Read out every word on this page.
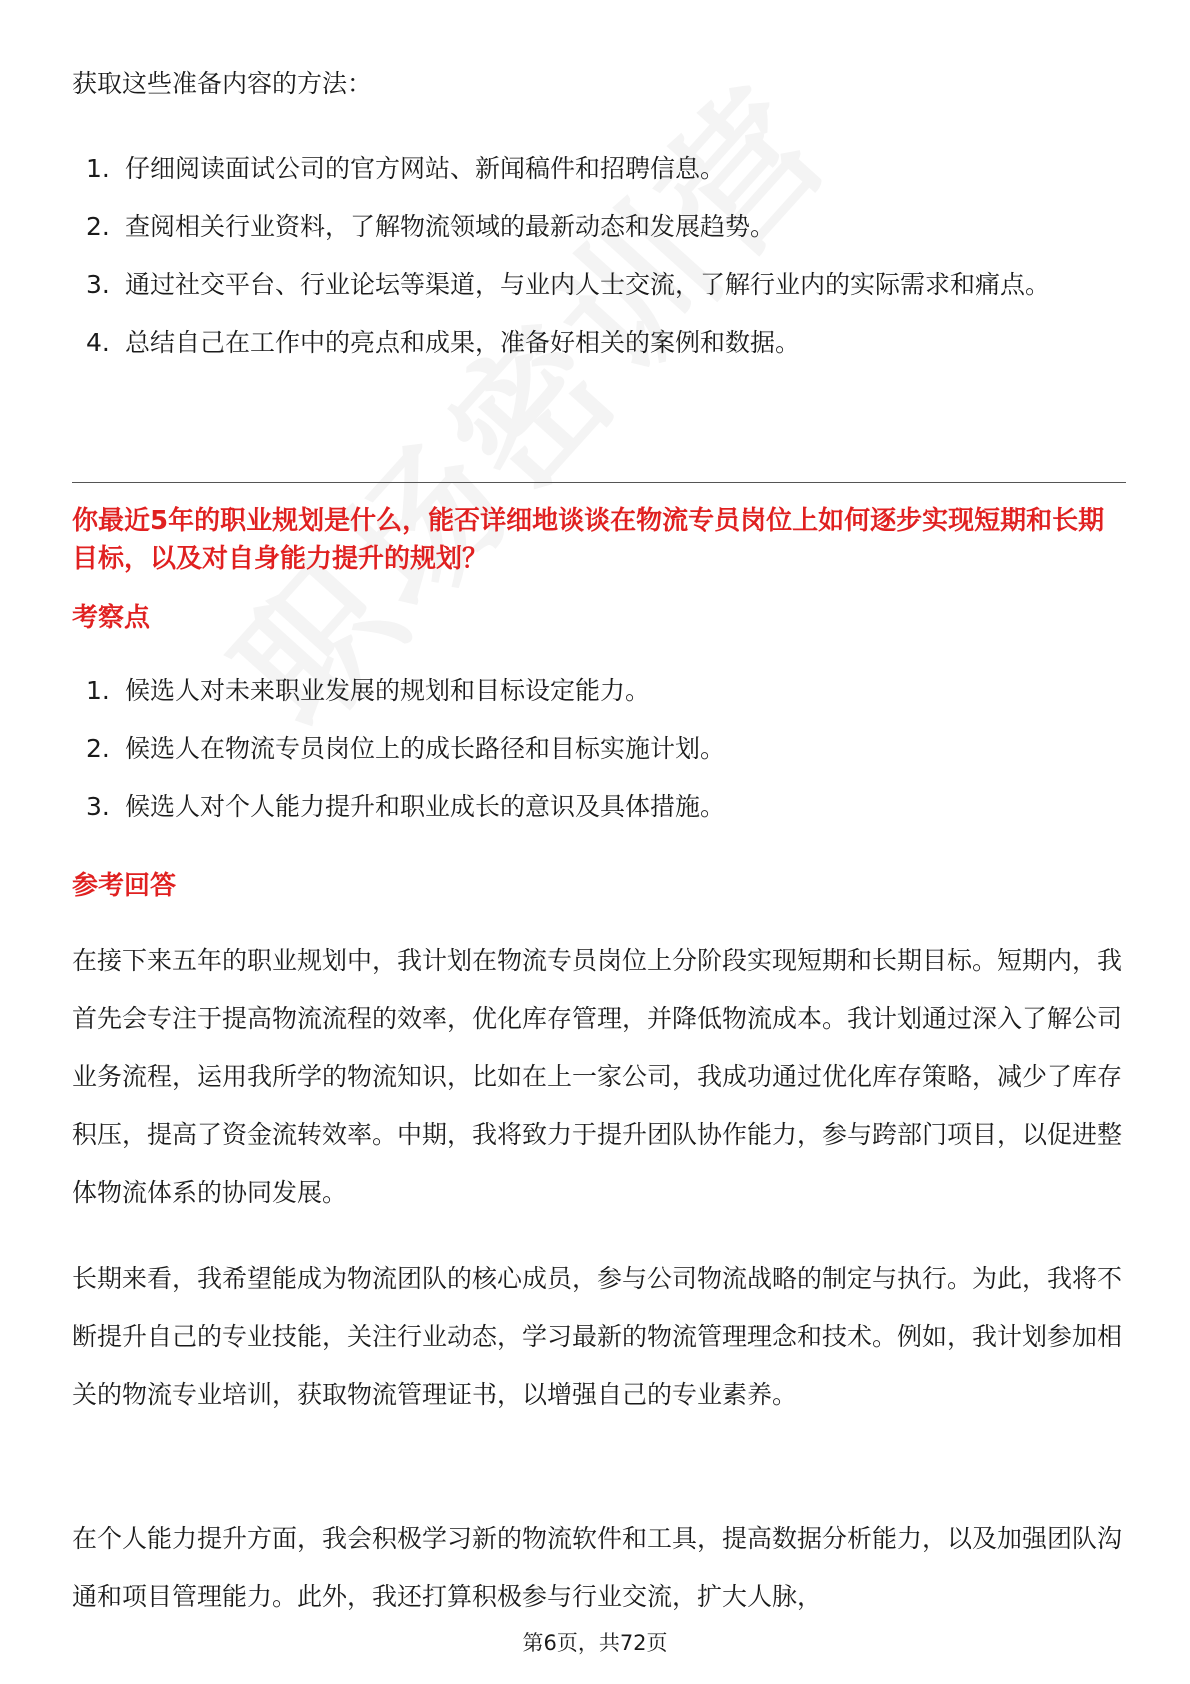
获取这些准备内容的方法：

1. 仔细阅读面试公司的官方网站、新闻稿件和招聘信息。
2. 查阅相关行业资料，了解物流领域的最新动态和发展趋势。
3. 通过社交平台、行业论坛等渠道，与业内人士交流，了解行业内的实际需求和痛点。
4. 总结自己在工作中的亮点和成果，准备好相关的案例和数据。

你最近5年的职业规划是什么，能否详细地谈谈在物流专员岗位上如何逐步实现短期和长期目标，以及对自身能力提升的规划？

考察点

1. 候选人对未来职业发展的规划和目标设定能力。
2. 候选人在物流专员岗位上的成长路径和目标实施计划。
3. 候选人对个人能力提升和职业成长的意识及具体措施。

参考回答

在接下来五年的职业规划中，我计划在物流专员岗位上分阶段实现短期和长期目标。短期内，我首先会专注于提高物流流程的效率，优化库存管理，并降低物流成本。我计划通过深入了解公司业务流程，运用我所学的物流知识，比如在上一家公司，我成功通过优化库存策略，减少了库存积压，提高了资金流转效率。中期，我将致力于提升团队协作能力，参与跨部门项目，以促进整体物流体系的协同发展。

长期来看，我希望能成为物流团队的核心成员，参与公司物流战略的制定与执行。为此，我将不断提升自己的专业技能，关注行业动态，学习最新的物流管理理念和技术。例如，我计划参加相关的物流专业培训，获取物流管理证书，以增强自己的专业素养。

在个人能力提升方面，我会积极学习新的物流软件和工具，提高数据分析能力，以及加强团队沟通和项目管理能力。此外，我还打算积极参与行业交流，扩大人脉，

第6页，共72页
